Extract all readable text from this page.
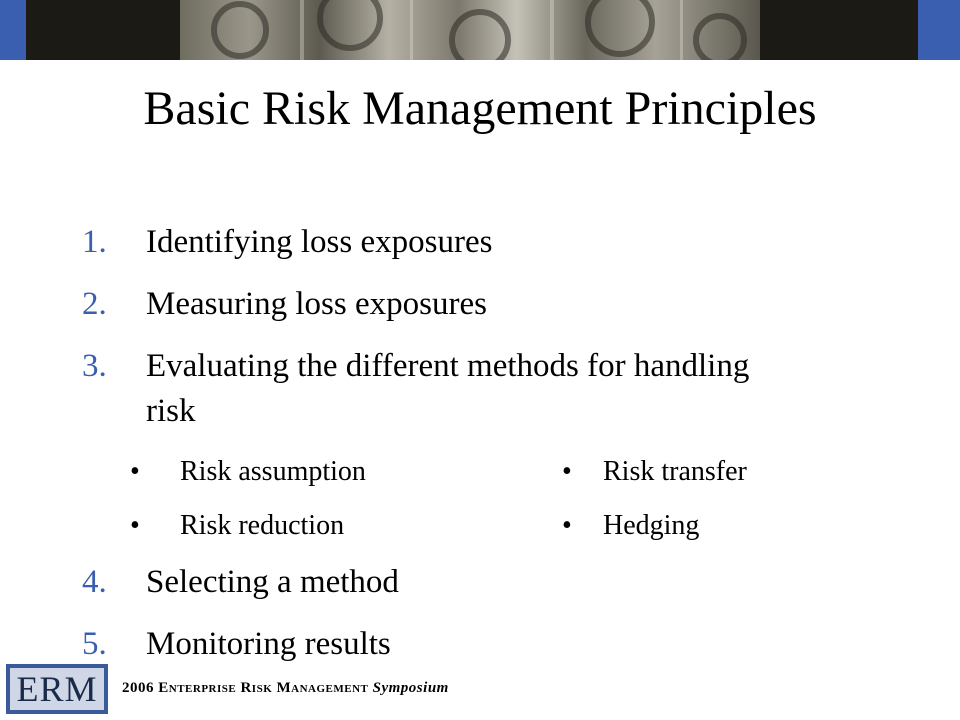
Basic Risk Management Principles
1. Identifying loss exposures
2. Measuring loss exposures
3. Evaluating the different methods for handling risk
• Risk assumption
• Risk reduction
• Risk transfer
• Hedging
4. Selecting a method
5. Monitoring results
ERM	2006 Enterprise Risk Management Symposium
